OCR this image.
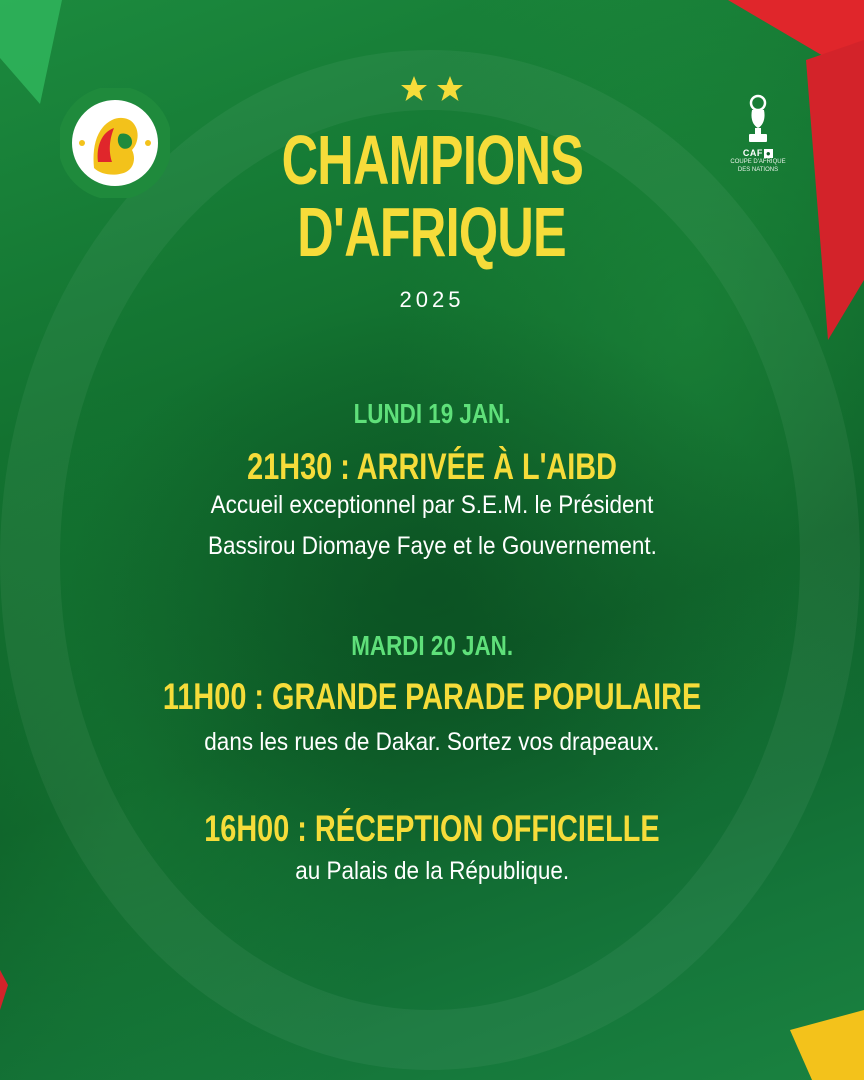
CAF ●
COUPE D'AFRIQUE
DES NATIONS
CHAMPIONS
D'AFRIQUE
2025
LUNDI 19 JAN.
21H30 : ARRIVÉE À L'AIBD
Accueil exceptionnel par S.E.M. le Président
Bassirou Diomaye Faye et le Gouvernement.
MARDI 20 JAN.
11H00 : GRANDE PARADE POPULAIRE
dans les rues de Dakar. Sortez vos drapeaux.
16H00 : RÉCEPTION OFFICIELLE
au Palais de la République.
